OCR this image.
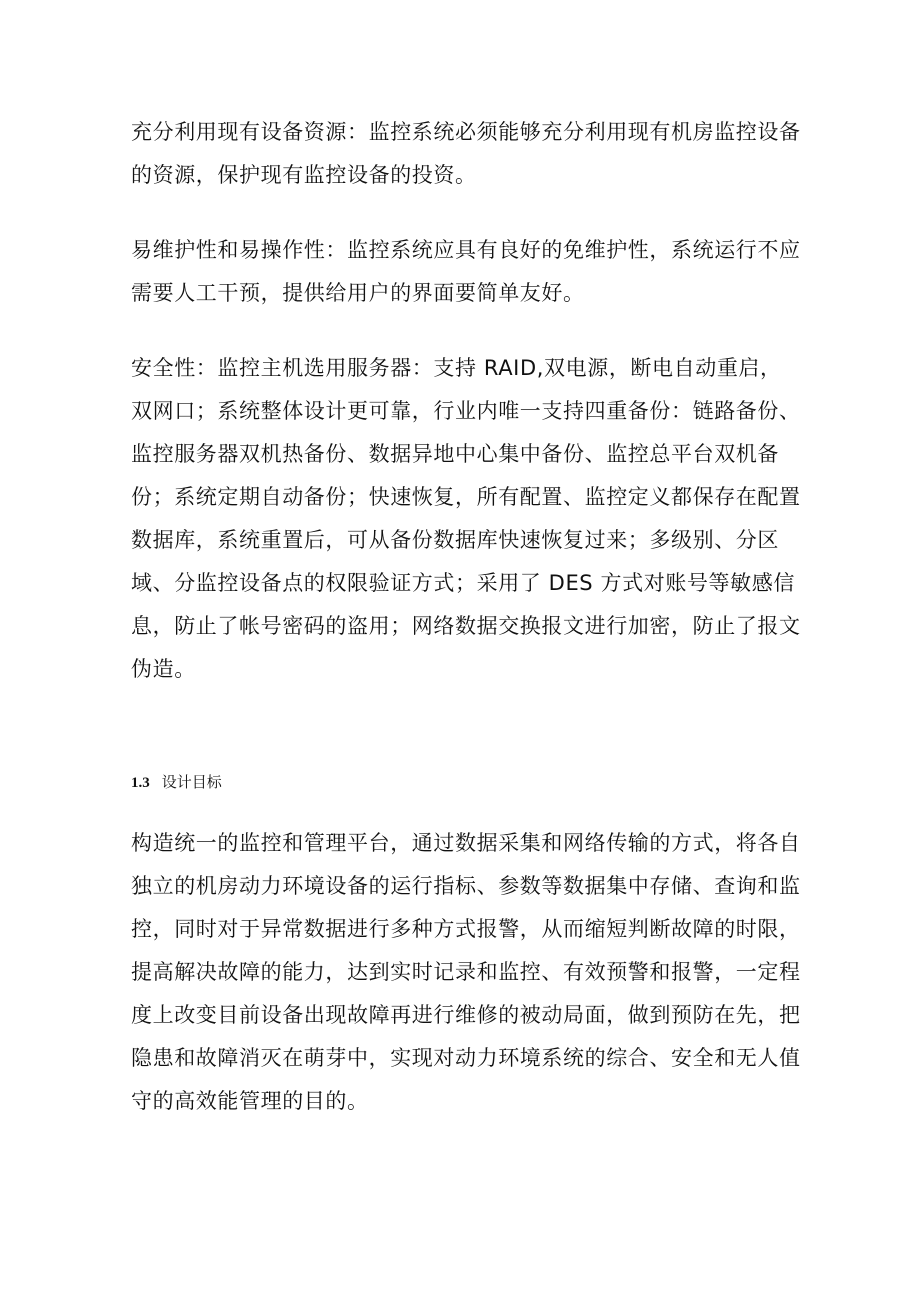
充分利用现有设备资源：监控系统必须能够充分利用现有机房监控设备的资源，保护现有监控设备的投资。

易维护性和易操作性：监控系统应具有良好的免维护性，系统运行不应需要人工干预，提供给用户的界面要简单友好。

安全性：监控主机选用服务器：支持 RAID,双电源，断电自动重启，双网口；系统整体设计更可靠，行业内唯一支持四重备份：链路备份、监控服务器双机热备份、数据异地中心集中备份、监控总平台双机备份；系统定期自动备份；快速恢复，所有配置、监控定义都保存在配置数据库，系统重置后，可从备份数据库快速恢复过来；多级别、分区域、分监控设备点的权限验证方式；采用了 DES 方式对账号等敏感信息，防止了帐号密码的盗用；网络数据交换报文进行加密，防止了报文伪造。

1.3 设计目标

构造统一的监控和管理平台，通过数据采集和网络传输的方式，将各自独立的机房动力环境设备的运行指标、参数等数据集中存储、查询和监控，同时对于异常数据进行多种方式报警，从而缩短判断故障的时限，提高解决故障的能力，达到实时记录和监控、有效预警和报警，一定程度上改变目前设备出现故障再进行维修的被动局面，做到预防在先，把隐患和故障消灭在萌芽中，实现对动力环境系统的综合、安全和无人值守的高效能管理的目的。
